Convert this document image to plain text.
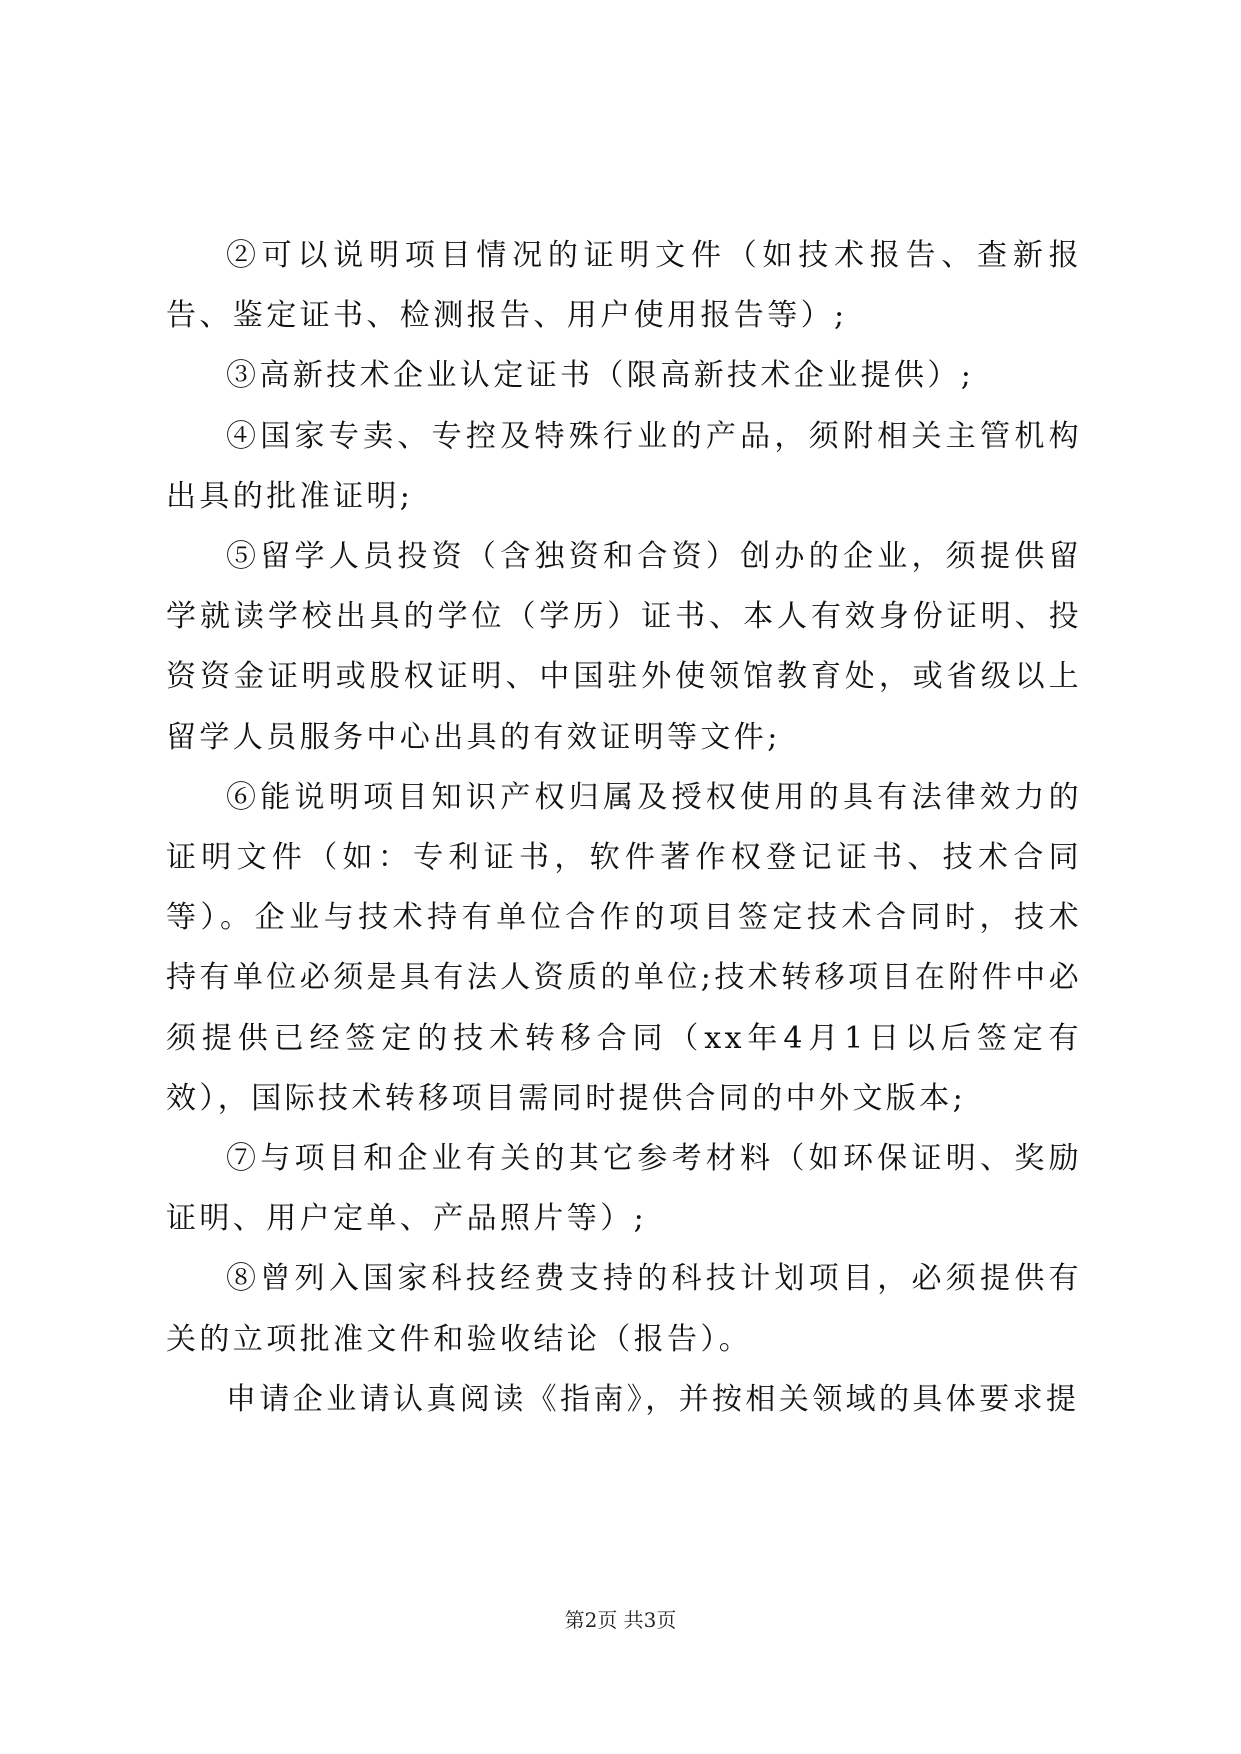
②可以说明项目情况的证明文件（如技术报告、查新报告、鉴定证书、检测报告、用户使用报告等）;

③高新技术企业认定证书（限高新技术企业提供）;

④国家专卖、专控及特殊行业的产品，须附相关主管机构出具的批准证明;

⑤留学人员投资（含独资和合资）创办的企业，须提供留学就读学校出具的学位（学历）证书、本人有效身份证明、投资资金证明或股权证明、中国驻外使领馆教育处，或省级以上留学人员服务中心出具的有效证明等文件;

⑥能说明项目知识产权归属及授权使用的具有法律效力的证明文件（如：专利证书，软件著作权登记证书、技术合同等）。企业与技术持有单位合作的项目签定技术合同时，技术持有单位必须是具有法人资质的单位;技术转移项目在附件中必须提供已经签定的技术转移合同（xx年4月1日以后签定有效），国际技术转移项目需同时提供合同的中外文版本;

⑦与项目和企业有关的其它参考材料（如环保证明、奖励证明、用户定单、产品照片等）;

⑧曾列入国家科技经费支持的科技计划项目，必须提供有关的立项批准文件和验收结论（报告）。

申请企业请认真阅读《指南》，并按相关领域的具体要求提

第2页 共3页
